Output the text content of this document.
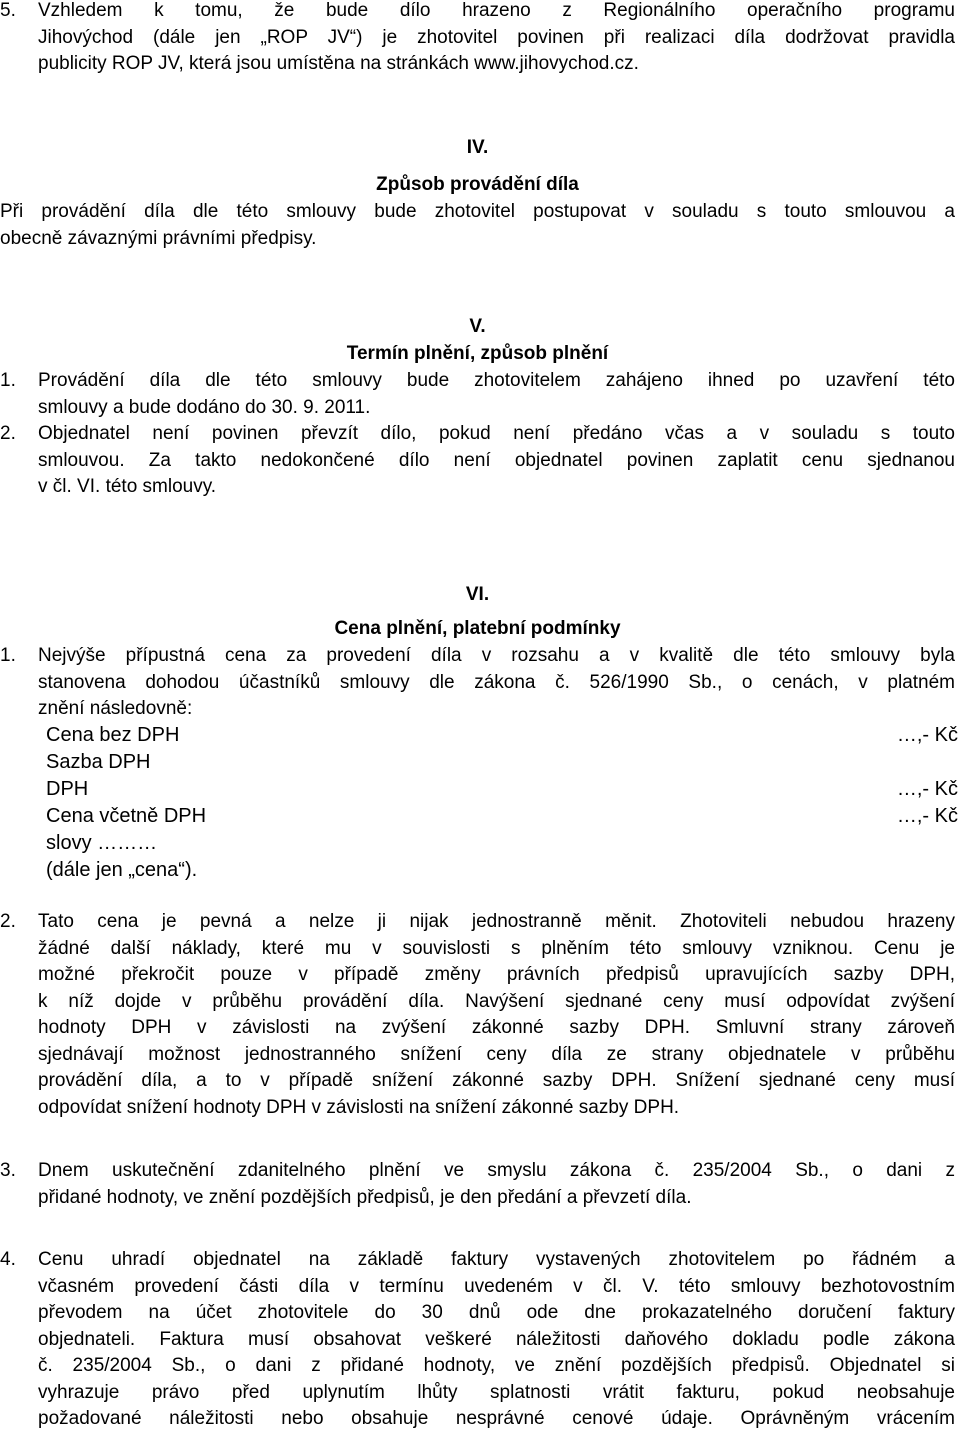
5. Vzhledem k tomu, že bude dílo hrazeno z Regionálního operačního programu
Jihovýchod (dále jen „ROP JV“) je zhotovitel povinen při realizaci díla dodržovat pravidla
publicity ROP JV, která jsou umístěna na stránkách www.jihovychod.cz.
IV.
Způsob provádění díla
Při provádění díla dle této smlouvy bude zhotovitel postupovat v souladu s touto smlouvou a
obecně závaznými právními předpisy.
V.
Termín plnění, způsob plnění
1. Provádění díla dle této smlouvy bude zhotovitelem zahájeno ihned po uzavření této
smlouvy a bude dodáno do 30. 9. 2011.
2. Objednatel není povinen převzít dílo, pokud není předáno včas a v souladu s touto
smlouvou. Za takto nedokončené dílo není objednatel povinen zaplatit cenu sjednanou
v čl. VI. této smlouvy.
VI.
Cena plnění, platební podmínky
1. Nejvýše přípustná cena za provedení díla v rozsahu a v kvalitě dle této smlouvy byla
stanovena dohodou účastníků smlouvy dle zákona č. 526/1990 Sb., o cenách, v platném
znění následovně:
Cena bez DPH	…,- Kč
Sazba DPH
DPH	…,- Kč
Cena včetně DPH	…,- Kč
slovy ………
(dále jen „cena“).
2. Tato cena je pevná a nelze ji nijak jednostranně měnit. Zhotoviteli nebudou hrazeny
žádné další náklady, které mu v souvislosti s plněním této smlouvy vzniknou. Cenu je
možné překročit pouze v případě změny právních předpisů upravujících sazby DPH,
k níž dojde v průběhu provádění díla. Navýšení sjednané ceny musí odpovídat zvýšení
hodnoty DPH v závislosti na zvýšení zákonné sazby DPH. Smluvní strany zároveň
sjednávají možnost jednostranného snížení ceny díla ze strany objednatele v průběhu
provádění díla, a to v případě snížení zákonné sazby DPH. Snížení sjednané ceny musí
odpovídat snížení hodnoty DPH v závislosti na snížení zákonné sazby DPH.
3. Dnem uskutečnění zdanitelného plnění ve smyslu zákona č. 235/2004 Sb., o dani z
přidané hodnoty, ve znění pozdějších předpisů, je den předání a převzetí díla.
4. Cenu uhradí objednatel na základě faktury vystavených zhotovitelem po řádném a
včasném provedení části díla v termínu uvedeném v čl. V. této smlouvy bezhotovostním
převodem na účet zhotovitele do 30 dnů ode dne prokazatelného doručení faktury
objednateli. Faktura musí obsahovat veškeré náležitosti daňového dokladu podle zákona
č. 235/2004 Sb., o dani z přidané hodnoty, ve znění pozdějších předpisů. Objednatel si
vyhrazuje právo před uplynutím lhůty splatnosti vrátit fakturu, pokud neobsahuje
požadované náležitosti nebo obsahuje nesprávné cenové údaje. Oprávněným vrácením
